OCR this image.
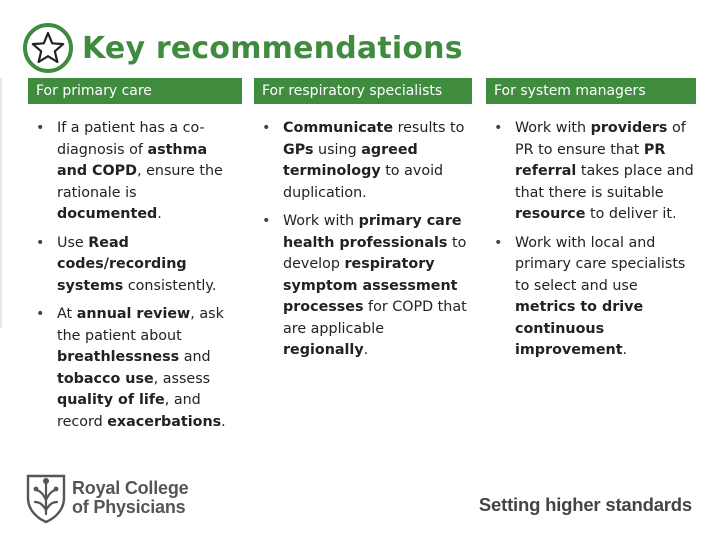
Key recommendations
For primary care
• If a patient has a co-diagnosis of asthma and COPD, ensure the rationale is documented.
• Use Read codes/recording systems consistently.
• At annual review, ask the patient about breathlessness and tobacco use, assess quality of life, and record exacerbations.
For respiratory specialists
• Communicate results to GPs using agreed terminology to avoid duplication.
• Work with primary care health professionals to develop respiratory symptom assessment processes for COPD that are applicable regionally.
For system managers
• Work with providers of PR to ensure that PR referral takes place and that there is suitable resource to deliver it.
• Work with local and primary care specialists to select and use metrics to drive continuous improvement.
Royal College
of Physicians	Setting higher standards
